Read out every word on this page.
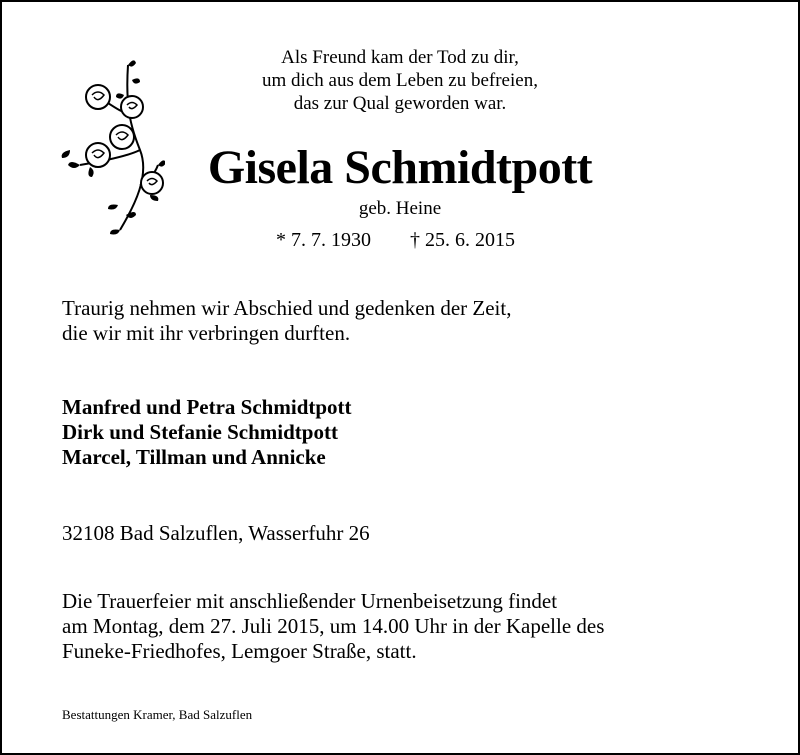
Als Freund kam der Tod zu dir,
um dich aus dem Leben zu befreien,
das zur Qual geworden war.
Gisela Schmidtpott
geb. Heine
* 7. 7. 1930 † 25. 6. 2015
Traurig nehmen wir Abschied und gedenken der Zeit,
die wir mit ihr verbringen durften.
Manfred und Petra Schmidtpott
Dirk und Stefanie Schmidtpott
Marcel, Tillman und Annicke
32108 Bad Salzuflen, Wasserfuhr 26
Die Trauerfeier mit anschließender Urnenbeisetzung findet
am Montag, dem 27. Juli 2015, um 14.00 Uhr in der Kapelle des
Funeke-Friedhofes, Lemgoer Straße, statt.
Bestattungen Kramer, Bad Salzuflen
